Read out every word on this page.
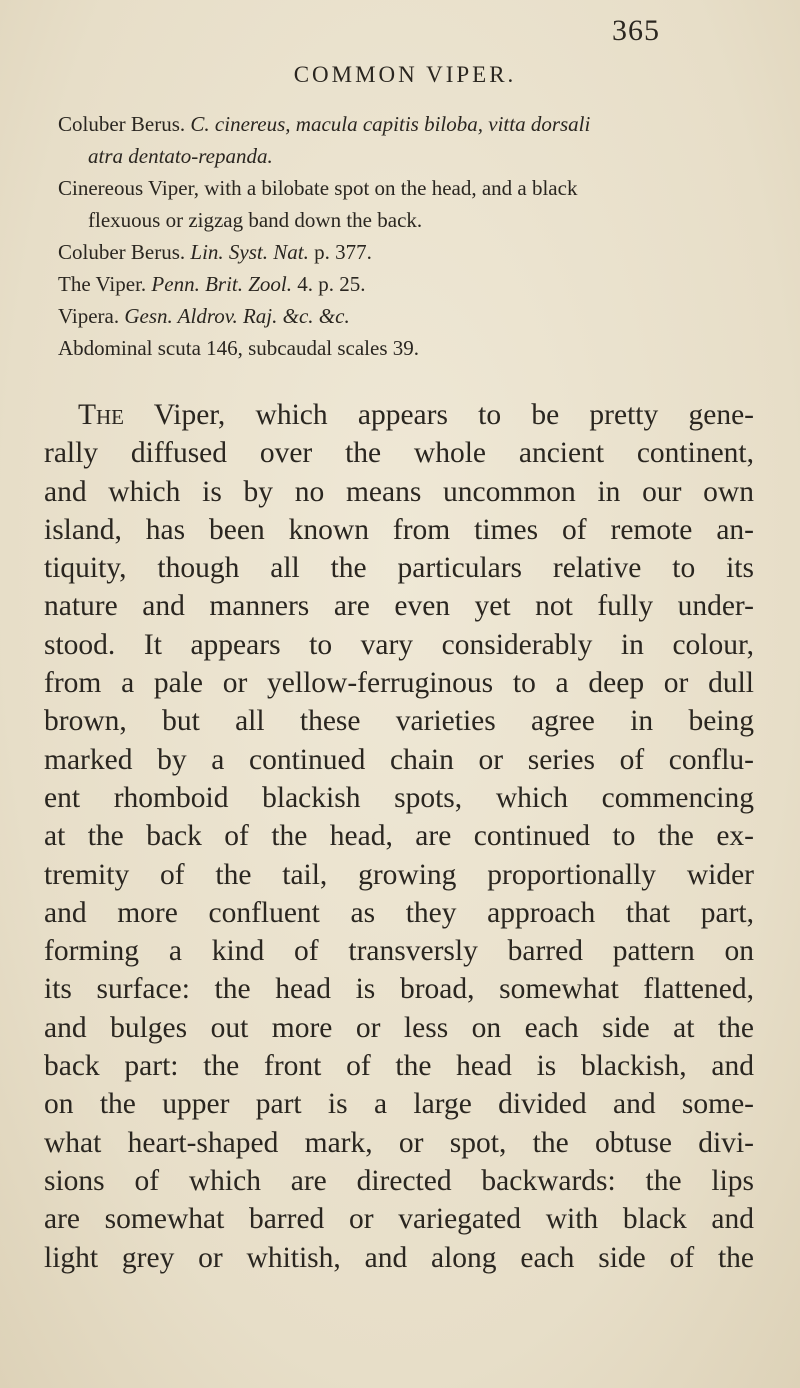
365
COMMON VIPER.
Coluber Berus. C. cinereus, macula capitis biloba, vitta dorsali
atra dentato-repanda.
Cinereous Viper, with a bilobate spot on the head, and a black
flexuous or zigzag band down the back.
Coluber Berus. Lin. Syst. Nat. p. 377.
The Viper. Penn. Brit. Zool. 4. p. 25.
Vipera. Gesn. Aldrov. Raj. &c. &c.
Abdominal scuta 146, subcaudal scales 39.
The Viper, which appears to be pretty gene-
rally diffused over the whole ancient continent,
and which is by no means uncommon in our own
island, has been known from times of remote an-
tiquity, though all the particulars relative to its
nature and manners are even yet not fully under-
stood. It appears to vary considerably in colour,
from a pale or yellow-ferruginous to a deep or dull
brown, but all these varieties agree in being
marked by a continued chain or series of conflu-
ent rhomboid blackish spots, which commencing
at the back of the head, are continued to the ex-
tremity of the tail, growing proportionally wider
and more confluent as they approach that part,
forming a kind of transversly barred pattern on
its surface: the head is broad, somewhat flattened,
and bulges out more or less on each side at the
back part: the front of the head is blackish, and
on the upper part is a large divided and some-
what heart-shaped mark, or spot, the obtuse divi-
sions of which are directed backwards: the lips
are somewhat barred or variegated with black and
light grey or whitish, and along each side of the
